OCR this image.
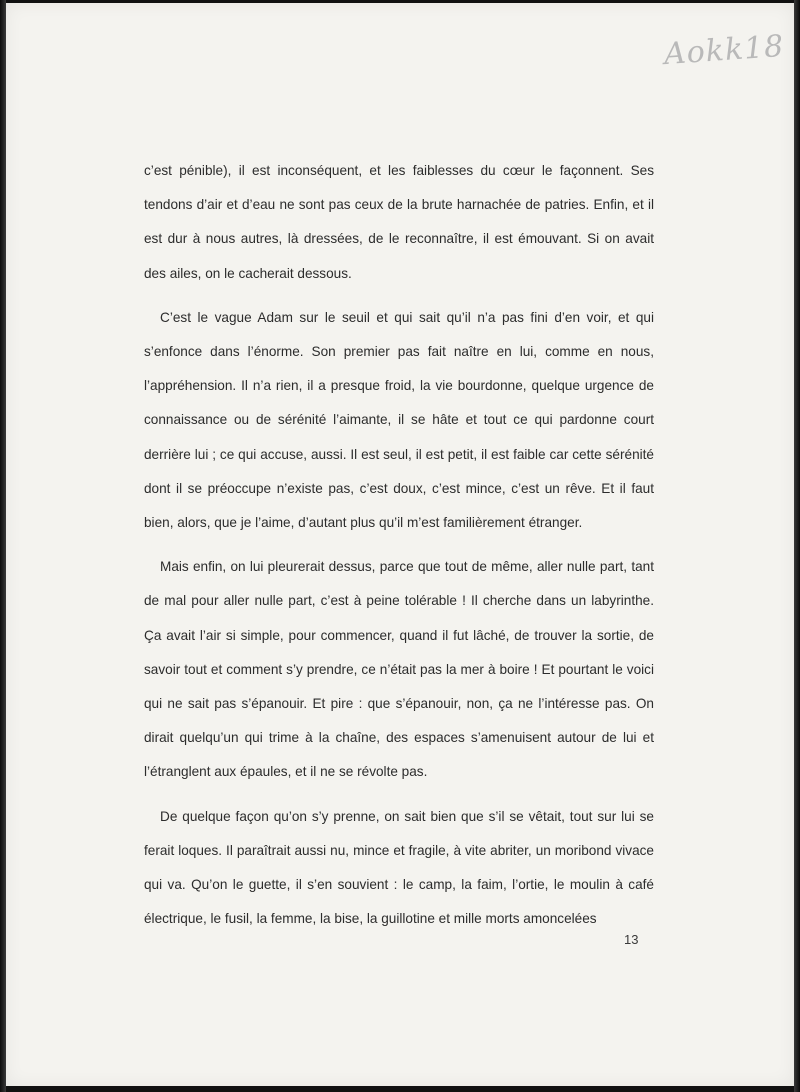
Aokk18

c’est pénible), il est inconséquent, et les faiblesses du cœur le façonnent. Ses tendons d’air et d’eau ne sont pas ceux de la brute harnachée de patries. Enfin, et il est dur à nous autres, là dressées, de le reconnaître, il est émouvant. Si on avait des ailes, on le cacherait dessous.

C’est le vague Adam sur le seuil et qui sait qu’il n’a pas fini d’en voir, et qui s’enfonce dans l’énorme. Son premier pas fait naître en lui, comme en nous, l’appréhension. Il n’a rien, il a presque froid, la vie bourdonne, quelque urgence de connaissance ou de sérénité l’aimante, il se hâte et tout ce qui pardonne court derrière lui ; ce qui accuse, aussi. Il est seul, il est petit, il est faible car cette sérénité dont il se préoccupe n’existe pas, c’est doux, c’est mince, c’est un rêve. Et il faut bien, alors, que je l’aime, d’autant plus qu’il m’est familièrement étranger.

Mais enfin, on lui pleurerait dessus, parce que tout de même, aller nulle part, tant de mal pour aller nulle part, c’est à peine tolérable ! Il cherche dans un labyrinthe. Ça avait l’air si simple, pour commencer, quand il fut lâché, de trouver la sortie, de savoir tout et comment s’y prendre, ce n’était pas la mer à boire ! Et pourtant le voici qui ne sait pas s’épanouir. Et pire : que s’épanouir, non, ça ne l’intéresse pas. On dirait quelqu’un qui trime à la chaîne, des espaces s’amenuisent autour de lui et l’étranglent aux épaules, et il ne se révolte pas.

De quelque façon qu’on s’y prenne, on sait bien que s’il se vêtait, tout sur lui se ferait loques. Il paraîtrait aussi nu, mince et fragile, à vite abriter, un moribond vivace qui va. Qu’on le guette, il s’en souvient : le camp, la faim, l’ortie, le moulin à café électrique, le fusil, la femme, la bise, la guillotine et mille morts amoncelées

13
